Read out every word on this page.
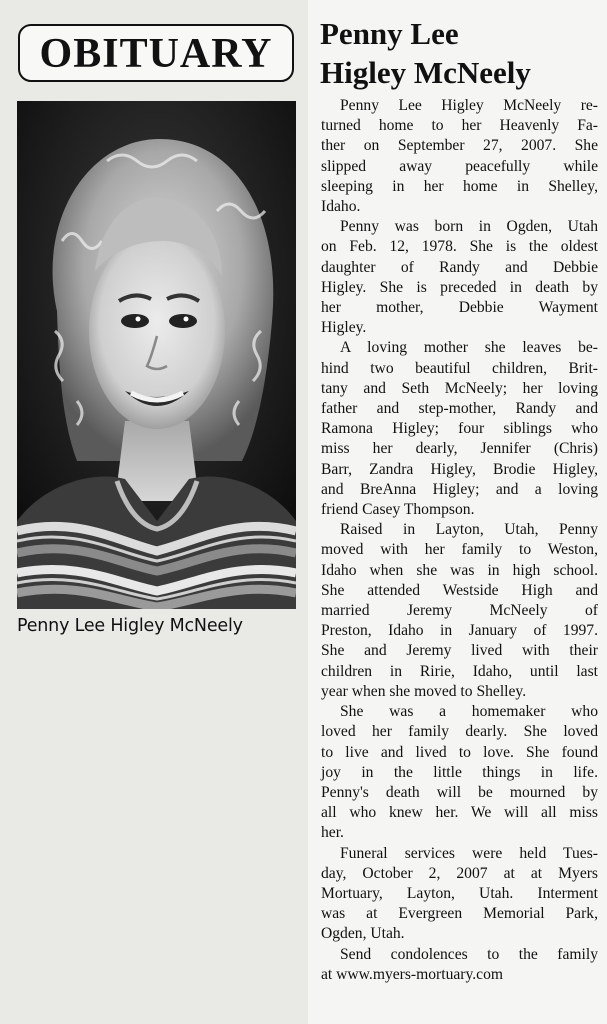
OBITUARY
Penny Lee Higley McNeely
Penny Lee
Higley McNeely
Penny Lee Higley McNeely re-
turned home to her Heavenly Fa-
ther on September 27, 2007. She
slipped away peacefully while
sleeping in her home in Shelley,
Idaho.
Penny was born in Ogden, Utah
on Feb. 12, 1978. She is the oldest
daughter of Randy and Debbie
Higley. She is preceded in death by
her mother, Debbie Wayment
Higley.
A loving mother she leaves be-
hind two beautiful children, Brit-
tany and Seth McNeely; her loving
father and step-mother, Randy and
Ramona Higley; four siblings who
miss her dearly, Jennifer (Chris)
Barr, Zandra Higley, Brodie Higley,
and BreAnna Higley; and a loving
friend Casey Thompson.
Raised in Layton, Utah, Penny
moved with her family to Weston,
Idaho when she was in high school.
She attended Westside High and
married Jeremy McNeely of
Preston, Idaho in January of 1997.
She and Jeremy lived with their
children in Ririe, Idaho, until last
year when she moved to Shelley.
She was a homemaker who
loved her family dearly. She loved
to live and lived to love. She found
joy in the little things in life.
Penny's death will be mourned by
all who knew her. We will all miss
her.
Funeral services were held Tues-
day, October 2, 2007 at at Myers
Mortuary, Layton, Utah. Interment
was at Evergreen Memorial Park,
Ogden, Utah.
Send condolences to the family
at www.myers-mortuary.com
